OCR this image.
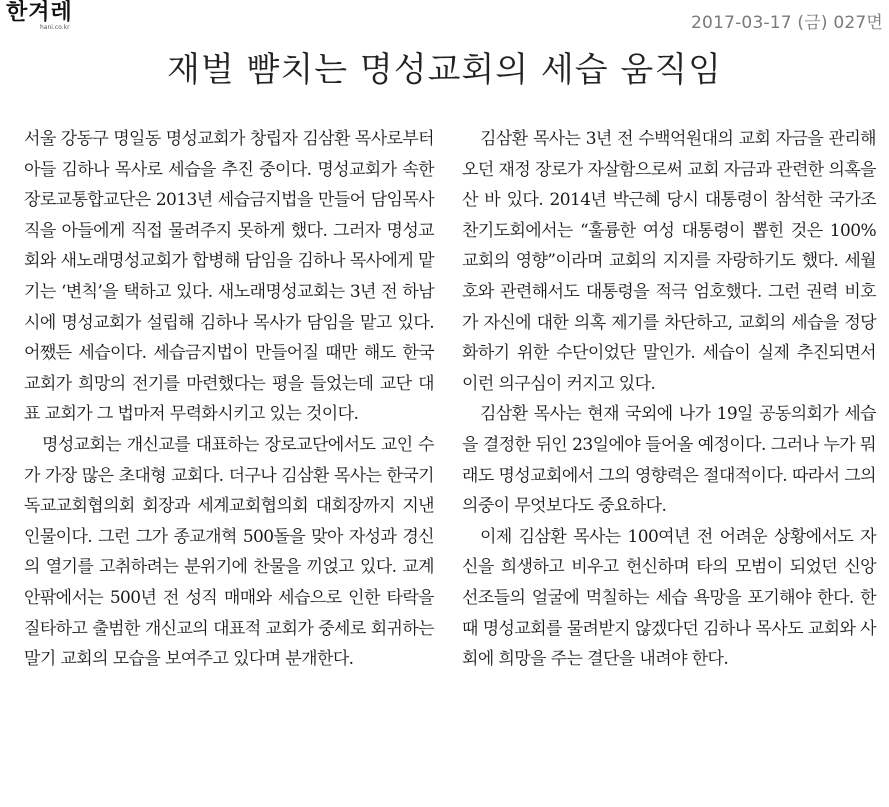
한겨레
hani.co.kr	2017-03-17 (금) 027면
재벌 뺨치는 명성교회의 세습 움직임

서울 강동구 명일동 명성교회가 창립자 김삼환 목사로부터 아들 김하나 목사로 세습을 추진 중이다. 명성교회가 속한 장로교통합교단은 2013년 세습금지법을 만들어 담임목사직을 아들에게 직접 물려주지 못하게 했다. 그러자 명성교회와 새노래명성교회가 합병해 담임을 김하나 목사에게 맡기는 ‘변칙’을 택하고 있다. 새노래명성교회는 3년 전 하남시에 명성교회가 설립해 김하나 목사가 담임을 맡고 있다. 어쨌든 세습이다. 세습금지법이 만들어질 때만 해도 한국 교회가 희망의 전기를 마련했다는 평을 들었는데 교단 대표 교회가 그 법마저 무력화시키고 있는 것이다.

명성교회는 개신교를 대표하는 장로교단에서도 교인 수가 가장 많은 초대형 교회다. 더구나 김삼환 목사는 한국기독교교회협의회 회장과 세계교회협의회 대회장까지 지낸 인물이다. 그런 그가 종교개혁 500돌을 맞아 자성과 경신의 열기를 고취하려는 분위기에 찬물을 끼얹고 있다. 교계 안팎에서는 500년 전 성직 매매와 세습으로 인한 타락을 질타하고 출범한 개신교의 대표적 교회가 중세로 회귀하는 말기 교회의 모습을 보여주고 있다며 분개한다.

김삼환 목사는 3년 전 수백억원대의 교회 자금을 관리해오던 재정 장로가 자살함으로써 교회 자금과 관련한 의혹을 산 바 있다. 2014년 박근혜 당시 대통령이 참석한 국가조찬기도회에서는 “훌륭한 여성 대통령이 뽑힌 것은 100% 교회의 영향”이라며 교회의 지지를 자랑하기도 했다. 세월호와 관련해서도 대통령을 적극 엄호했다. 그런 권력 비호가 자신에 대한 의혹 제기를 차단하고, 교회의 세습을 정당화하기 위한 수단이었단 말인가. 세습이 실제 추진되면서 이런 의구심이 커지고 있다.

김삼환 목사는 현재 국외에 나가 19일 공동의회가 세습을 결정한 뒤인 23일에야 들어올 예정이다. 그러나 누가 뭐래도 명성교회에서 그의 영향력은 절대적이다. 따라서 그의 의중이 무엇보다도 중요하다.

이제 김삼환 목사는 100여년 전 어려운 상황에서도 자신을 희생하고 비우고 헌신하며 타의 모범이 되었던 신앙 선조들의 얼굴에 먹칠하는 세습 욕망을 포기해야 한다. 한때 명성교회를 물려받지 않겠다던 김하나 목사도 교회와 사회에 희망을 주는 결단을 내려야 한다.
